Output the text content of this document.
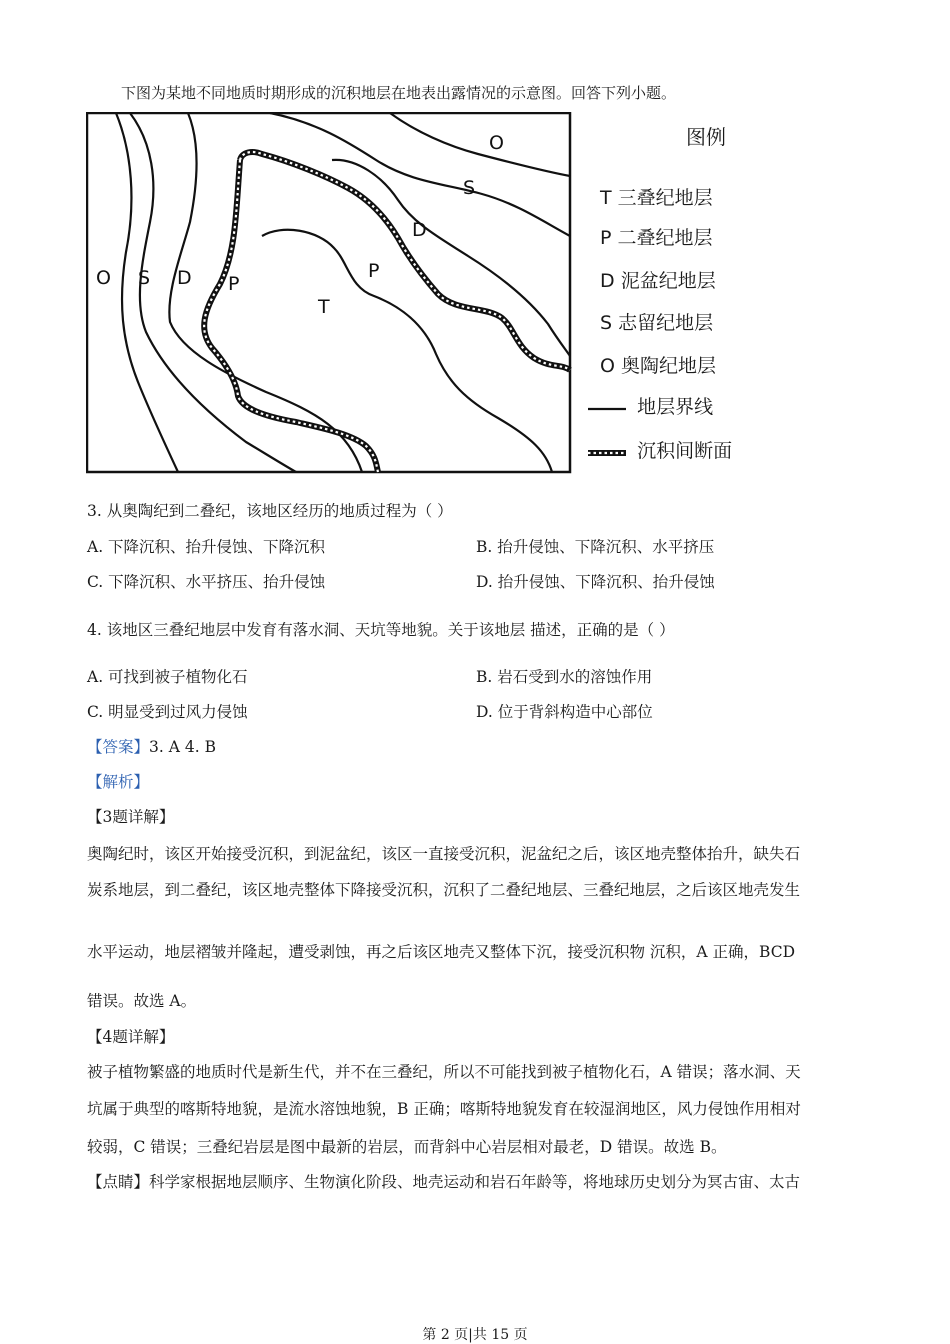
下图为某地不同地质时期形成的沉积地层在地表出露情况的示意图。回答下列小题。
O S D P
T
P
D
S
O	图例
T 三叠纪地层
P 二叠纪地层
D 泥盆纪地层
S 志留纪地层
O 奥陶纪地层
地层界线
沉积间断面
3. 从奥陶纪到二叠纪，该地区经历的地质过程为（ ）
A. 下降沉积、抬升侵蚀、下降沉积	B. 抬升侵蚀、下降沉积、水平挤压
C. 下降沉积、水平挤压、抬升侵蚀	D. 抬升侵蚀、下降沉积、抬升侵蚀
4. 该地区三叠纪地层中发育有落水洞、天坑等地貌。关于该地层 描述，正确的是（ ）
A. 可找到被子植物化石	B. 岩石受到水的溶蚀作用
C. 明显受到过风力侵蚀	D. 位于背斜构造中心部位
【答案】3. A 4. B
【解析】
【3题详解】
奥陶纪时，该区开始接受沉积，到泥盆纪，该区一直接受沉积，泥盆纪之后，该区地壳整体抬升，缺失石
炭系地层，到二叠纪，该区地壳整体下降接受沉积，沉积了二叠纪地层、三叠纪地层，之后该区地壳发生
水平运动，地层褶皱并隆起，遭受剥蚀，再之后该区地壳又整体下沉，接受沉积物 沉积，A 正确，BCD
错误。故选 A。
【4题详解】
被子植物繁盛的地质时代是新生代，并不在三叠纪，所以不可能找到被子植物化石，A 错误；落水洞、天
坑属于典型的喀斯特地貌，是流水溶蚀地貌，B 正确；喀斯特地貌发育在较湿润地区，风力侵蚀作用相对
较弱，C 错误；三叠纪岩层是图中最新的岩层，而背斜中心岩层相对最老，D 错误。故选 B。
【点睛】科学家根据地层顺序、生物演化阶段、地壳运动和岩石年龄等，将地球历史划分为冥古宙、太古
第 2 页|共 15 页
